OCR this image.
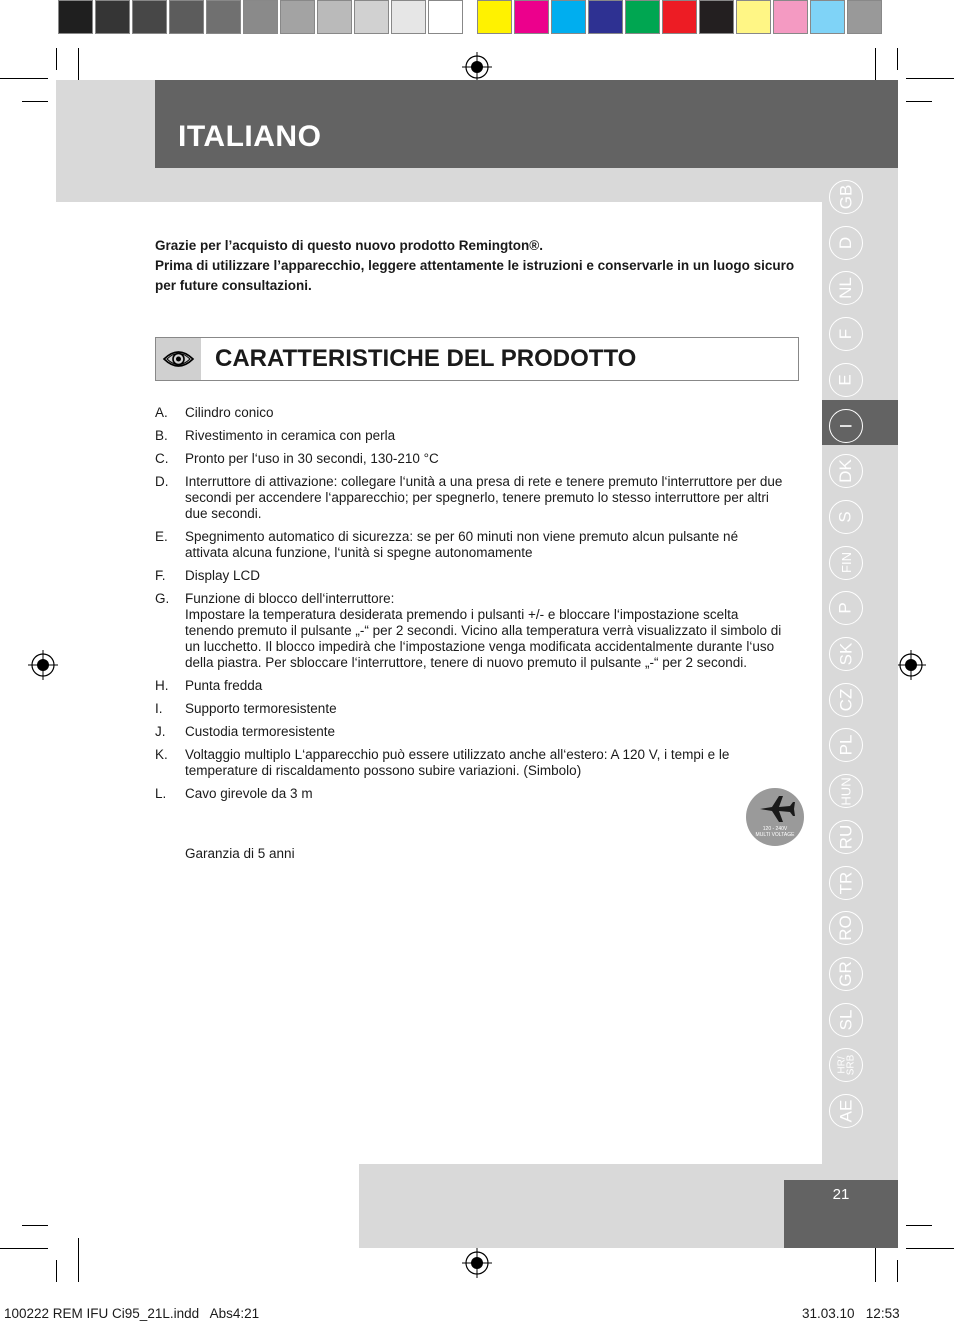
ITALIANO
GB
D
NL
F
E
I
DK
S
FIN
P
SK
CZ
PL
HUN
RU
TR
RO
GR
SL
HR/
SRB
AE
Grazie per l’acquisto di questo nuovo prodotto Remington®.
Prima di utilizzare l’apparecchio, leggere attentamente le istruzioni e conservarle in un luogo sicuro per future consultazioni.
CARATTERISTICHE DEL PRODOTTO
A. Cilindro conico
B. Rivestimento in ceramica con perla
C. Pronto per l‘uso in 30 secondi, 130-210 °C
D. Interruttore di attivazione: collegare l‘unità a una presa di rete e tenere premuto l‘interruttore per due secondi per accendere l‘apparecchio; per spegnerlo, tenere premuto lo stesso interruttore per altri due secondi.
E. Spegnimento automatico di sicurezza: se per 60 minuti non viene premuto alcun pulsante né attivata alcuna funzione, l‘unità si spegne autonomamente
F. Display LCD
G. Funzione di blocco dell‘interruttore:
Impostare la temperatura desiderata premendo i pulsanti +/- e bloccare l‘impostazione scelta tenendo premuto il pulsante „-“ per 2 secondi. Vicino alla temperatura verrà visualizzato il simbolo di un lucchetto. Il blocco impedirà che l‘impostazione venga modificata accidentalmente durante l‘uso della piastra. Per sbloccare l‘interruttore, tenere di nuovo premuto il pulsante „-“ per 2 secondi.
H. Punta fredda
I. Supporto termoresistente
J. Custodia termoresistente
K. Voltaggio multiplo L‘apparecchio può essere utilizzato anche all‘estero: A 120 V, i tempi e le temperature di riscaldamento possono subire variazioni. (Simbolo)
L. Cavo girevole da 3 m
Garanzia di 5 anni
120 - 240V
MULTI VOLTAGE
21
100222 REM IFU Ci95_21L.indd   Abs4:21	31.03.10   12:53
